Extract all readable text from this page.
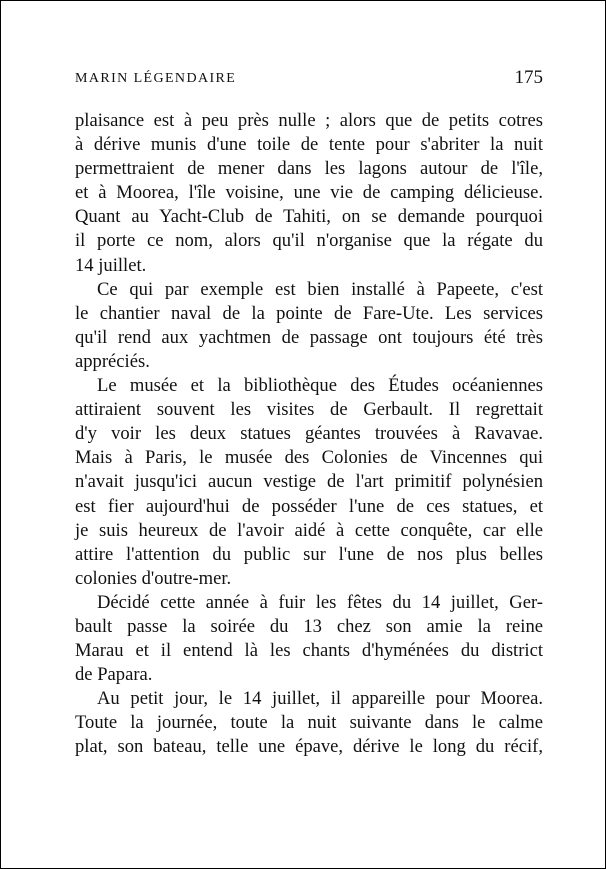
MARIN LÉGENDAIRE	175
plaisance est à peu près nulle ; alors que de petits cotres
à dérive munis d'une toile de tente pour s'abriter la nuit
permettraient de mener dans les lagons autour de l'île,
et à Moorea, l'île voisine, une vie de camping délicieuse.
Quant au Yacht-Club de Tahiti, on se demande pourquoi
il porte ce nom, alors qu'il n'organise que la régate du
14 juillet.
Ce qui par exemple est bien installé à Papeete, c'est
le chantier naval de la pointe de Fare-Ute. Les services
qu'il rend aux yachtmen de passage ont toujours été très
appréciés.
Le musée et la bibliothèque des Études océaniennes
attiraient souvent les visites de Gerbault. Il regrettait
d'y voir les deux statues géantes trouvées à Ravavae.
Mais à Paris, le musée des Colonies de Vincennes qui
n'avait jusqu'ici aucun vestige de l'art primitif polynésien
est fier aujourd'hui de posséder l'une de ces statues, et
je suis heureux de l'avoir aidé à cette conquête, car elle
attire l'attention du public sur l'une de nos plus belles
colonies d'outre-mer.
Décidé cette année à fuir les fêtes du 14 juillet, Ger-
bault passe la soirée du 13 chez son amie la reine
Marau et il entend là les chants d'hyménées du district
de Papara.
Au petit jour, le 14 juillet, il appareille pour Moorea.
Toute la journée, toute la nuit suivante dans le calme
plat, son bateau, telle une épave, dérive le long du récif,
